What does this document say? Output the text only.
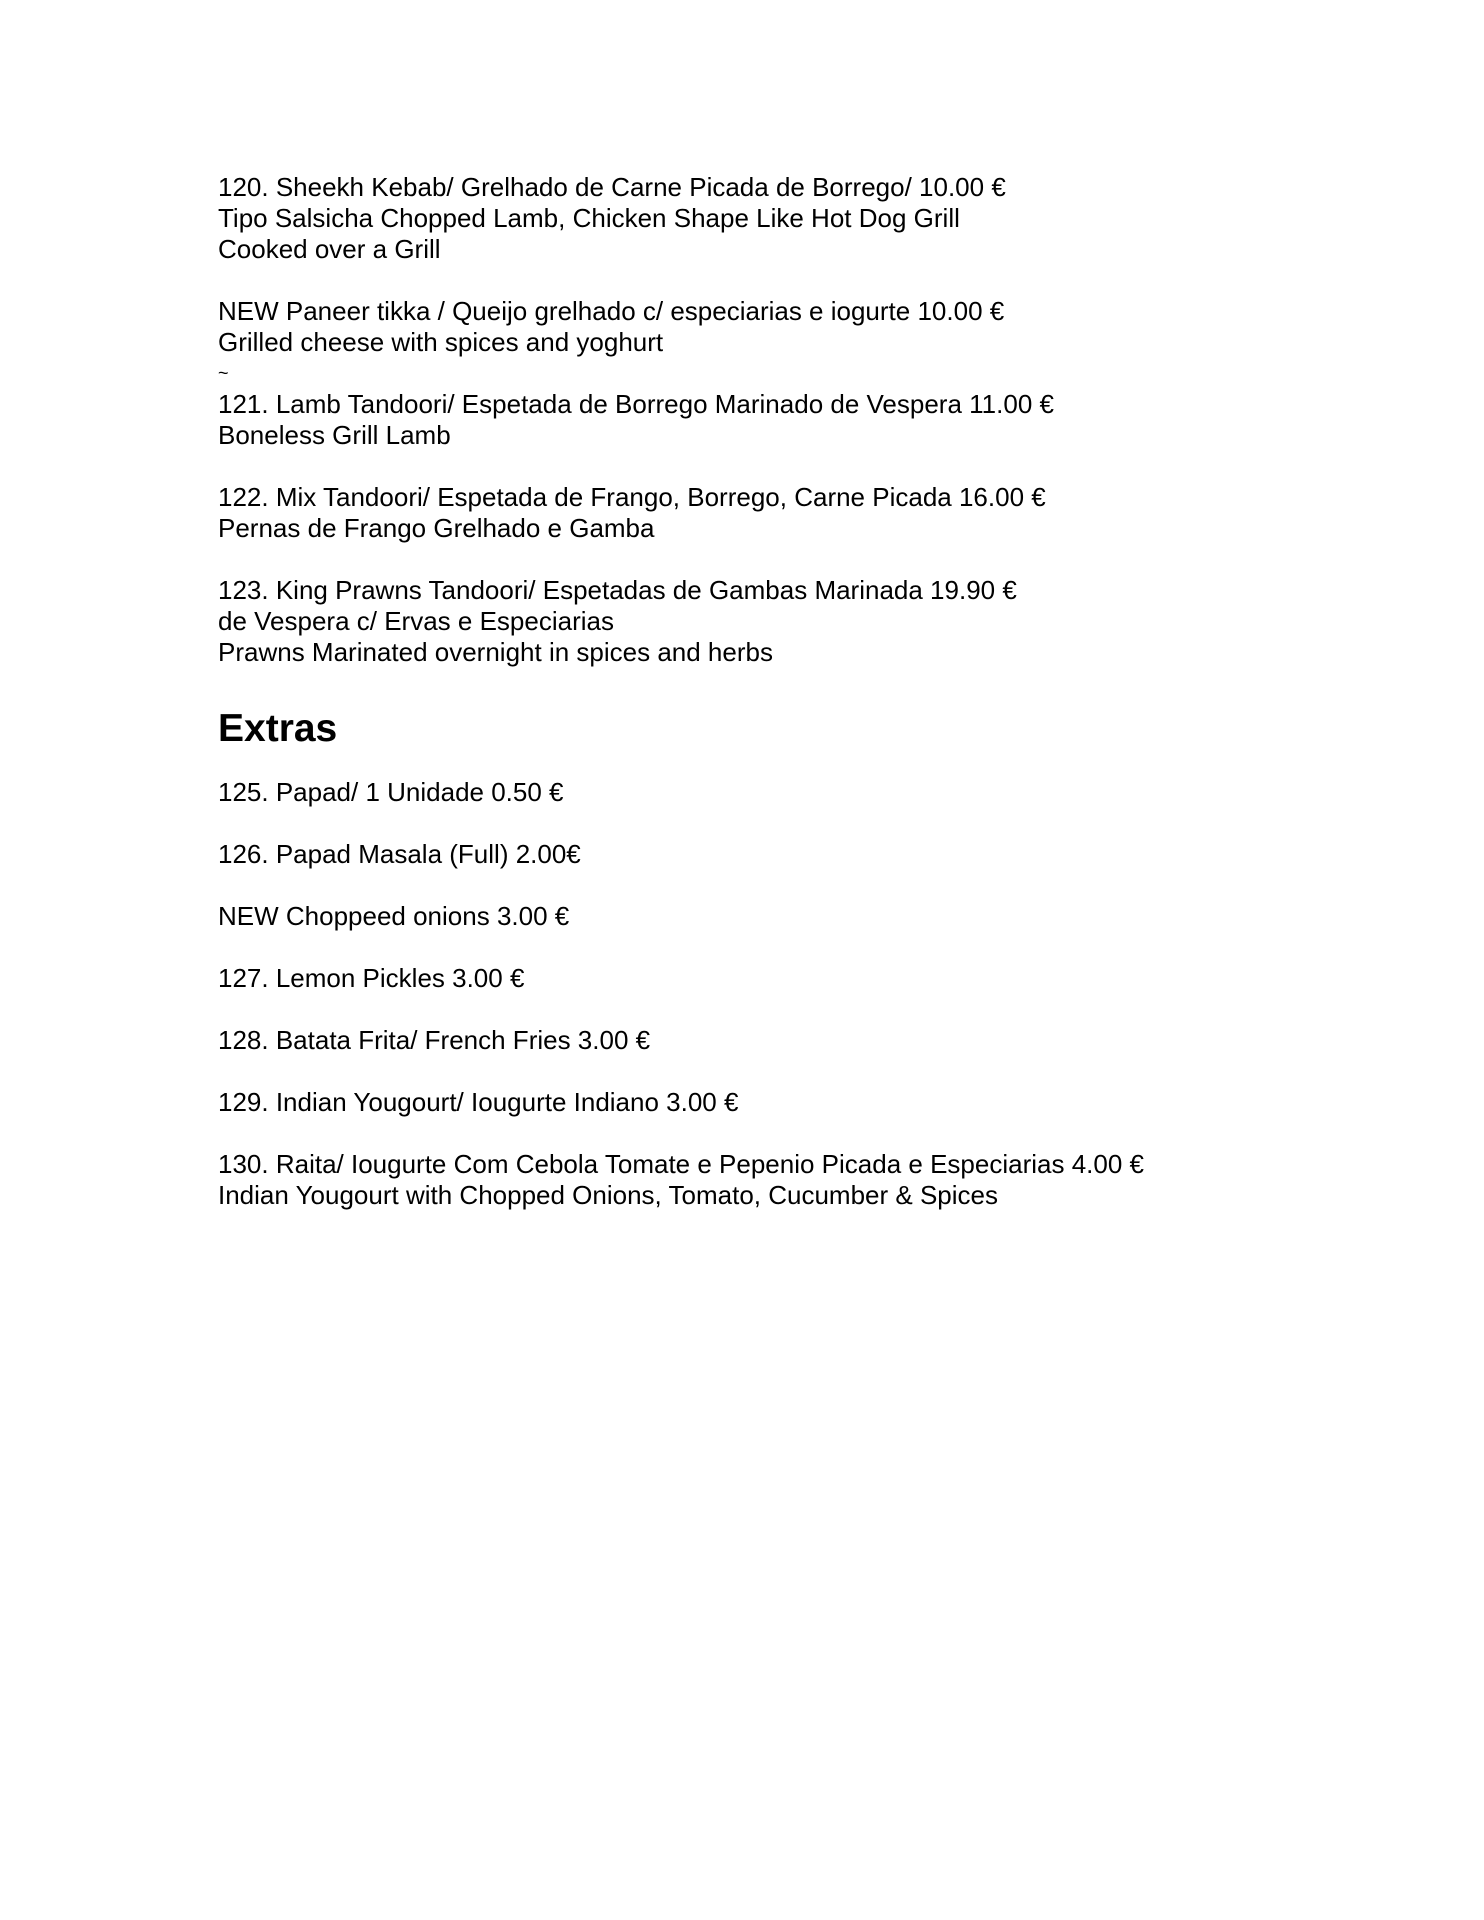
120. Sheekh Kebab/ Grelhado de Carne Picada de Borrego/ 10.00 €

Tipo Salsicha Chopped Lamb, Chicken Shape Like Hot Dog Grill

Cooked over a Grill

NEW Paneer tikka / Queijo grelhado c/ especiarias e iogurte 10.00 €

Grilled cheese with spices and yoghurt

~

121. Lamb Tandoori/ Espetada de Borrego Marinado de Vespera 11.00 €

Boneless Grill Lamb

122. Mix Tandoori/ Espetada de Frango, Borrego, Carne Picada 16.00 €

Pernas de Frango Grelhado e Gamba

123. King Prawns Tandoori/ Espetadas de Gambas Marinada 19.90 €

de Vespera c/ Ervas e Especiarias

Prawns Marinated overnight in spices and herbs

Extras

125. Papad/ 1 Unidade 0.50 €

126. Papad Masala (Full) 2.00€

NEW Choppeed onions 3.00 €

127. Lemon Pickles 3.00 €

128. Batata Frita/ French Fries 3.00 €

129. Indian Yougourt/ Iougurte Indiano 3.00 €

130. Raita/ Iougurte Com Cebola Tomate e Pepenio Picada e Especiarias 4.00 €

Indian Yougourt with Chopped Onions, Tomato, Cucumber & Spices
